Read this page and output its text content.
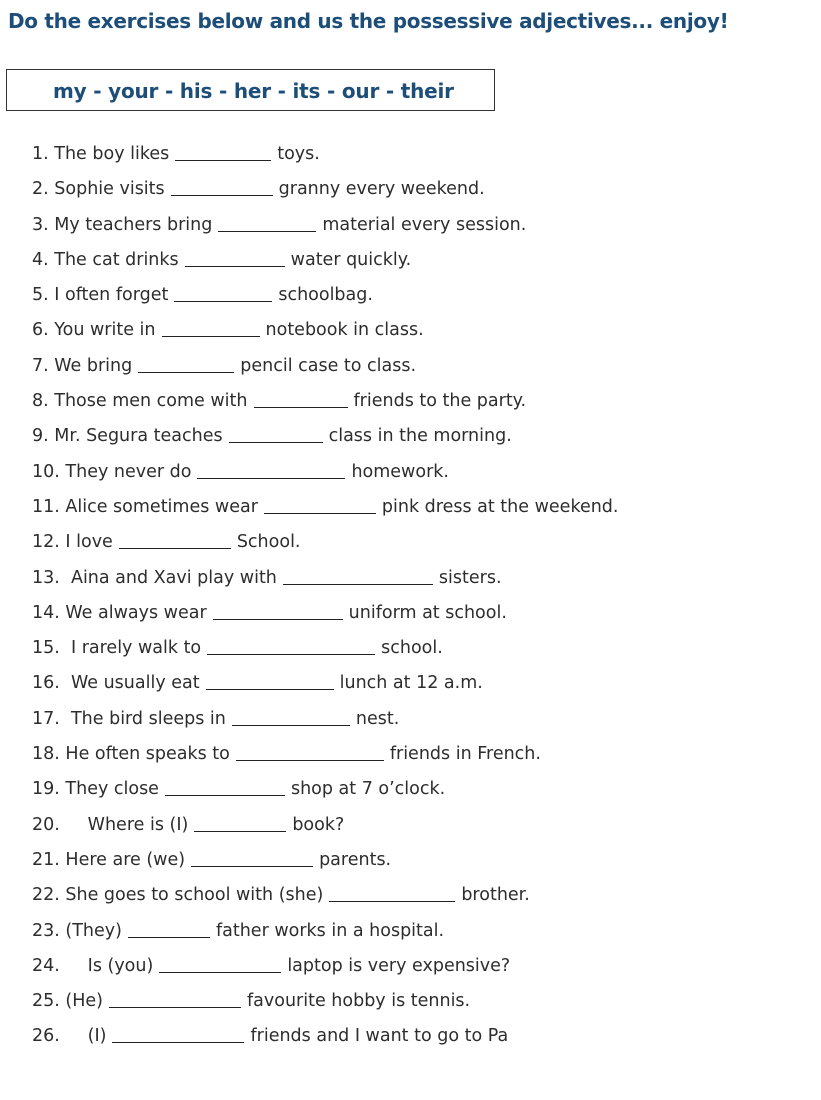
Do the exercises below and us the possessive adjectives... enjoy!
my - your - his - her - its - our - their
1. The boy likes	toys.
2. Sophie visits	granny every weekend.
3. My teachers bring	material every session.
4. The cat drinks	water quickly.
5. I often forget	schoolbag.
6. You write in	notebook in class.
7. We bring	pencil case to class.
8. Those men come with	friends to the party.
9. Mr. Segura teaches	class in the morning.
10. They never do	homework.
11. Alice sometimes wear	pink dress at the weekend.
12. I love	School.
13. Aina and Xavi play with	sisters.
14. We always wear	uniform at school.
15. I rarely walk to	school.
16. We usually eat	lunch at 12 a.m.
17. The bird sleeps in	nest.
18. He often speaks to	friends in French.
19. They close	shop at 7 o’clock.
20. Where is (I)	book?
21. Here are (we)	parents.
22. She goes to school with (she)	brother.
23. (They)	father works in a hospital.
24. Is (you)	laptop is very expensive?
25. (He)	favourite hobby is tennis.
26. (I)	friends and I want to go to Pa
